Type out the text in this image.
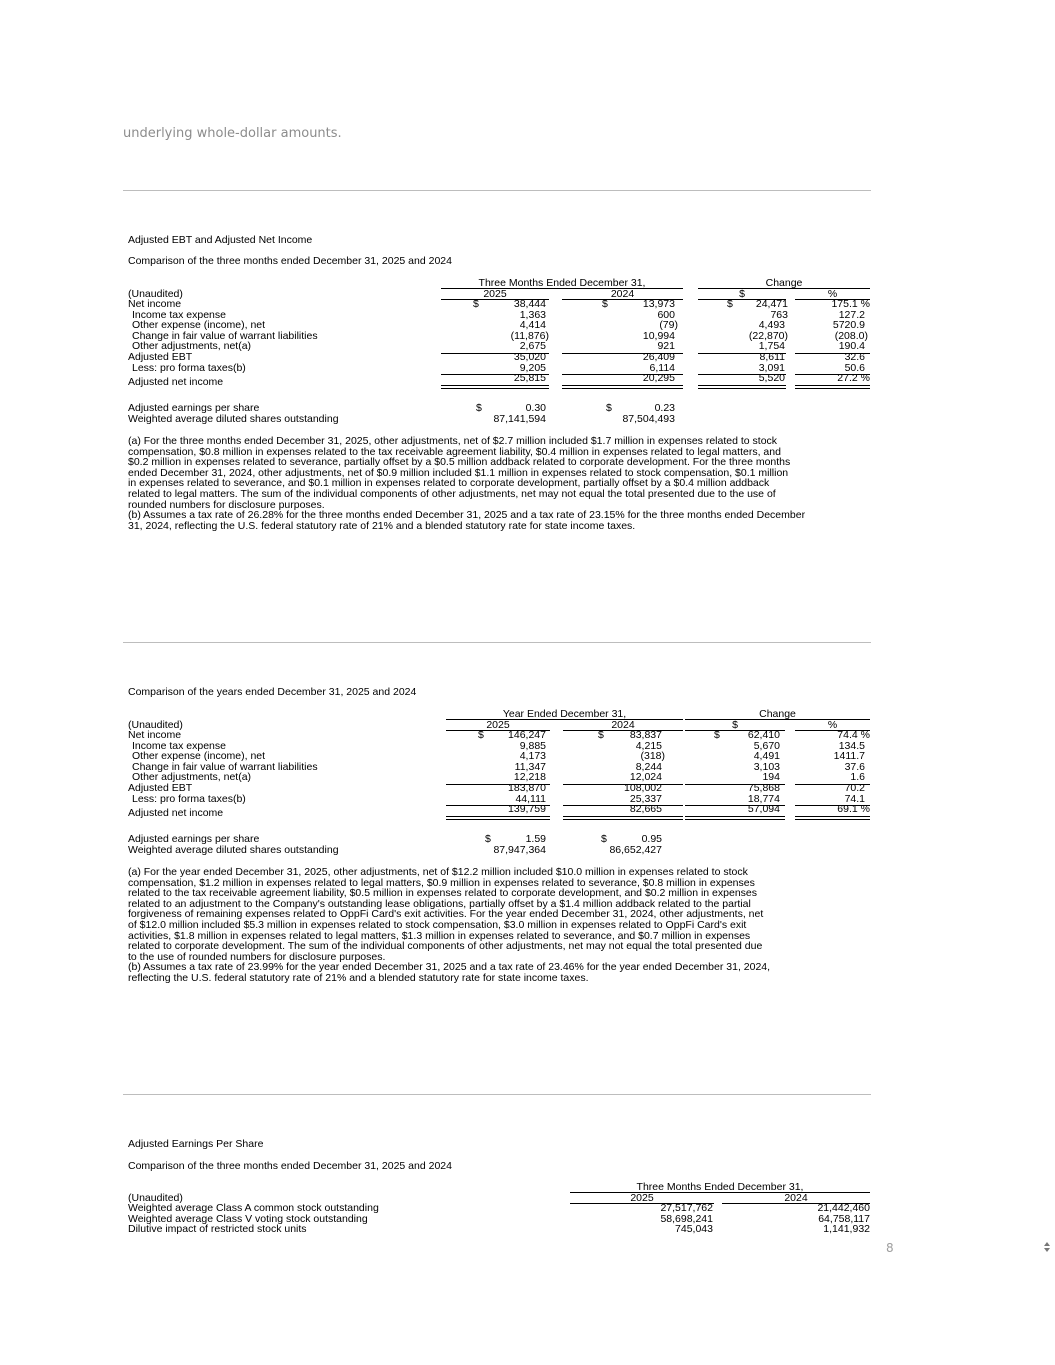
underlying whole-dollar amounts.
Adjusted EBT and Adjusted Net Income
Comparison of the three months ended December 31, 2025 and 2024
Three Months Ended December 31,	Change
2025	2024	$	%
(Unaudited)
Net income	$	38,444	$	13,973	$ 24,471	175.1 %
Income tax expense	1,363	600	763	127.2
Other expense (income), net	4,414	(79)	4,493	5720.9
Change in fair value of warrant liabilities	(11,876)	10,994	(22,870)	(208.0)
Other adjustments, net(a)	2,675	921	1,754	190.4
Adjusted EBT	35,020	26,409	8,611	32.6
Less: pro forma taxes(b)	9,205	6,114	3,091	50.6
Adjusted net income	25,815	20,295	5,520	27.2 %
Adjusted earnings per share	$	0.30	$	0.23
Weighted average diluted shares outstanding	87,141,594	87,504,493
(a) For the three months ended December 31, 2025, other adjustments, net of $2.7 million included $1.7 million in expenses related to stock
compensation, $0.8 million in expenses related to the tax receivable agreement liability, $0.4 million in expenses related to legal matters, and
$0.2 million in expenses related to severance, partially offset by a $0.5 million addback related to corporate development. For the three months
ended December 31, 2024, other adjustments, net of $0.9 million included $1.1 million in expenses related to stock compensation, $0.1 million
in expenses related to severance, and $0.1 million in expenses related to corporate development, partially offset by a $0.4 million addback
related to legal matters. The sum of the individual components of other adjustments, net may not equal the total presented due to the use of
rounded numbers for disclosure purposes.
(b) Assumes a tax rate of 26.28% for the three months ended December 31, 2025 and a tax rate of 23.15% for the three months ended December
31, 2024, reflecting the U.S. federal statutory rate of 21% and a blended statutory rate for state income taxes.
Comparison of the years ended December 31, 2025 and 2024
Year Ended December 31,	Change
2025	2024	$	%
(Unaudited)
Net income	$ 146,247	$ 83,837	$	62,410	74.4 %
Income tax expense	9,885	4,215	5,670	134.5
Other expense (income), net	4,173	(318)	4,491	1411.7
Change in fair value of warrant liabilities	11,347	8,244	3,103	37.6
Other adjustments, net(a)	12,218	12,024	194	1.6
Adjusted EBT	183,870	108,002	75,868	70.2
Less: pro forma taxes(b)	44,111	25,337	18,774	74.1
Adjusted net income	139,759	82,665	57,094	69.1 %
Adjusted earnings per share	$	1.59	$	0.95
Weighted average diluted shares outstanding	87,947,364	86,652,427
(a) For the year ended December 31, 2025, other adjustments, net of $12.2 million included $10.0 million in expenses related to stock
compensation, $1.2 million in expenses related to legal matters, $0.9 million in expenses related to severance, $0.8 million in expenses
related to the tax receivable agreement liability, $0.5 million in expenses related to corporate development, and $0.2 million in expenses
related to an adjustment to the Company's outstanding lease obligations, partially offset by a $1.4 million addback related to the partial
forgiveness of remaining expenses related to OppFi Card's exit activities. For the year ended December 31, 2024, other adjustments, net
of $12.0 million included $5.3 million in expenses related to stock compensation, $3.0 million in expenses related to OppFi Card's exit
activities, $1.8 million in expenses related to legal matters, $1.3 million in expenses related to severance, and $0.7 million in expenses
related to corporate development. The sum of the individual components of other adjustments, net may not equal the total presented due
to the use of rounded numbers for disclosure purposes.
(b) Assumes a tax rate of 23.99% for the year ended December 31, 2025 and a tax rate of 23.46% for the year ended December 31, 2024,
reflecting the U.S. federal statutory rate of 21% and a blended statutory rate for state income taxes.
Adjusted Earnings Per Share
Comparison of the three months ended December 31, 2025 and 2024
Three Months Ended December 31,
2025	2024
(Unaudited)
Weighted average Class A common stock outstanding	27,517,762	21,442,460
Weighted average Class V voting stock outstanding	58,698,241	64,758,117
Dilutive impact of restricted stock units	745,043	1,141,932
8
